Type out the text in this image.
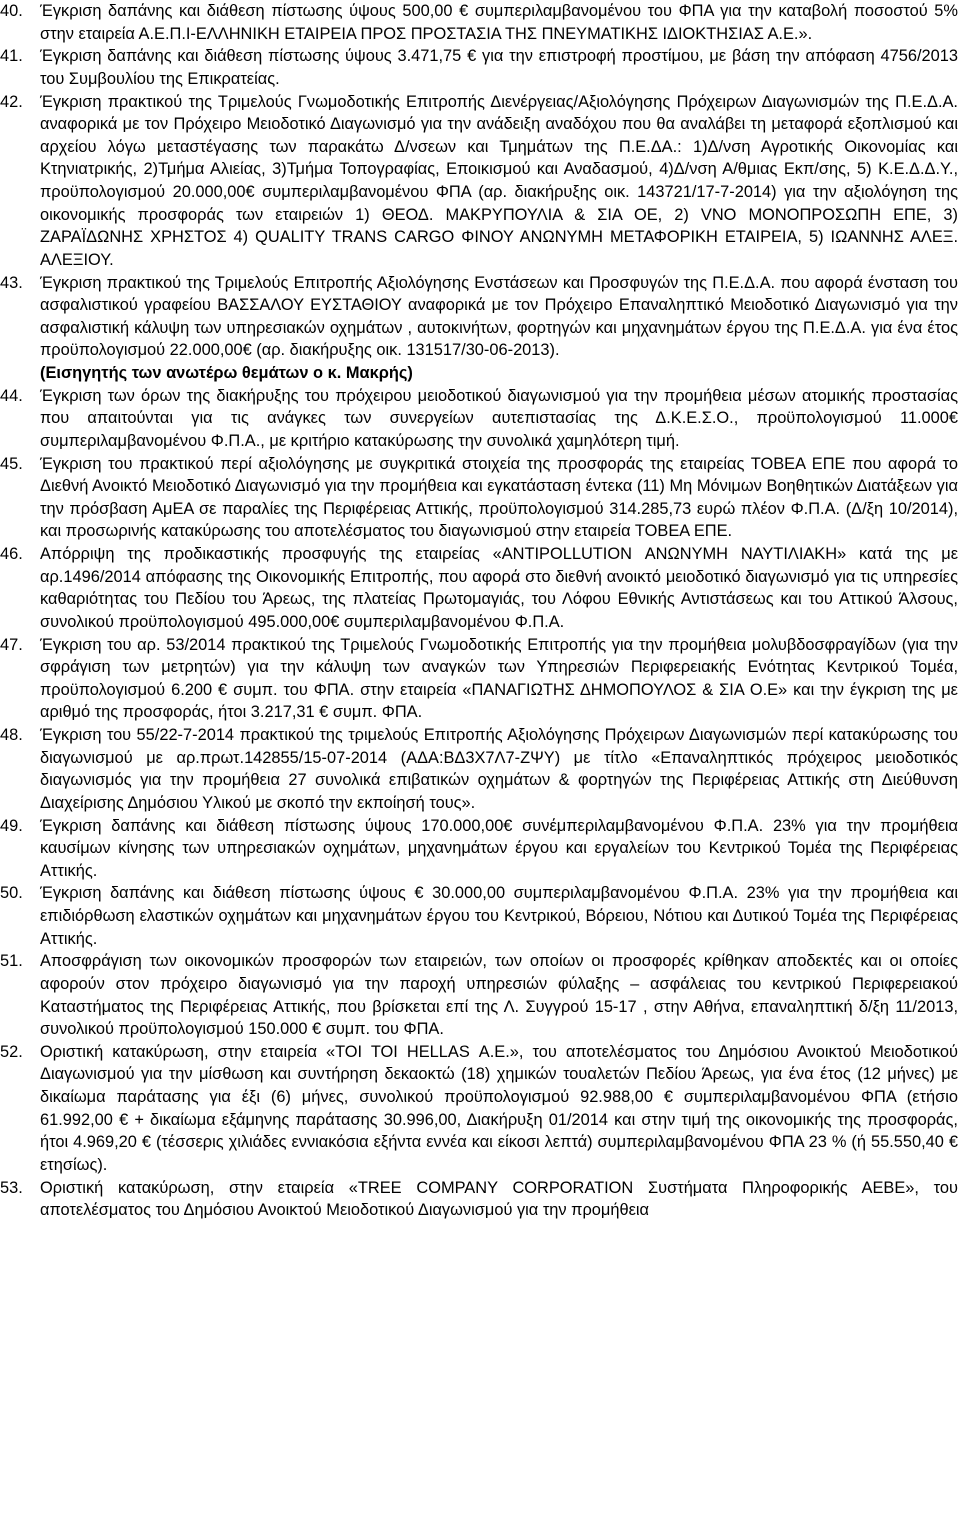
40.	Έγκριση δαπάνης και διάθεση πίστωσης ύψους 500,00 € συμπεριλαμβανομένου του ΦΠΑ για την καταβολή ποσοστού 5% στην εταιρεία Α.Ε.Π.Ι-ΕΛΛΗΝΙΚΗ ΕΤΑΙΡΕΙΑ ΠΡΟΣ ΠΡΟΣΤΑΣΙΑ ΤΗΣ ΠΝΕΥΜΑΤΙΚΗΣ ΙΔΙΟΚΤΗΣΙΑΣ Α.Ε.».
41.	Έγκριση δαπάνης και διάθεση πίστωσης ύψους 3.471,75 € για την επιστροφή προστίμου, με βάση την απόφαση 4756/2013 του Συμβουλίου της Επικρατείας.
42.	Έγκριση πρακτικού της Τριμελούς Γνωμοδοτικής Επιτροπής Διενέργειας/Αξιολόγησης Πρόχειρων Διαγωνισμών της Π.Ε.Δ.Α. αναφορικά με τον Πρόχειρο Μειοδοτικό Διαγωνισμό για την ανάδειξη αναδόχου που θα αναλάβει τη μεταφορά εξοπλισμού και αρχείου λόγω μεταστέγασης των παρακάτω Δ/νσεων και Τμημάτων της Π.Ε.ΔΑ.: 1)Δ/νση Αγροτικής Οικονομίας και Κτηνιατρικής, 2)Τμήμα Αλιείας, 3)Τμήμα Τοπογραφίας, Εποικισμού και Αναδασμού, 4)Δ/νση Α/θμιας Εκπ/σης, 5) Κ.Ε.Δ.Δ.Υ., προϋπολογισμού 20.000,00€ συμπεριλαμβανομένου ΦΠΑ (αρ. διακήρυξης οικ. 143721/17-7-2014) για την αξιολόγηση της οικονομικής προσφοράς των εταιρειών 1) ΘΕΟΔ. ΜΑΚΡΥΠΟΥΛΙΑ & ΣΙΑ ΟΕ, 2) VNO ΜΟΝΟΠΡΟΣΩΠΗ ΕΠΕ, 3) ΖΑΡΑΪΔΩΝΗΣ ΧΡΗΣΤΟΣ 4) QUALITY TRANS CARGO ΦΙΝΟΥ ΑΝΩΝΥΜΗ ΜΕΤΑΦΟΡΙΚΗ ΕΤΑΙΡΕΙΑ, 5) ΙΩΑΝΝΗΣ ΑΛΕΞ. ΑΛΕΞΙΟΥ.
43.	Έγκριση πρακτικού της Τριμελούς Επιτροπής Αξιολόγησης Ενστάσεων και Προσφυγών της Π.Ε.Δ.Α. που αφορά ένσταση του ασφαλιστικού γραφείου ΒΑΣΣΑΛΟΥ ΕΥΣΤΑΘΙΟΥ αναφορικά με τον Πρόχειρο Επαναληπτικό Μειοδοτικό Διαγωνισμό για την ασφαλιστική κάλυψη των υπηρεσιακών οχημάτων , αυτοκινήτων, φορτηγών και μηχανημάτων έργου της Π.Ε.Δ.Α. για ένα έτος προϋπολογισμού 22.000,00€ (αρ. διακήρυξης οικ. 131517/30-06-2013).
(Εισηγητής των ανωτέρω θεμάτων ο κ. Μακρής)
44.	Έγκριση των όρων της διακήρυξης του πρόχειρου μειοδοτικού διαγωνισμού για την προμήθεια μέσων ατομικής προστασίας που απαιτούνται για τις ανάγκες των συνεργείων αυτεπιστασίας της Δ.Κ.Ε.Σ.Ο., προϋπολογισμού 11.000€ συμπεριλαμβανομένου Φ.Π.Α., με κριτήριο κατακύρωσης την συνολικά χαμηλότερη τιμή.
45.	Έγκριση του πρακτικού περί αξιολόγησης με συγκριτικά στοιχεία της προσφοράς της εταιρείας ΤΟΒΕΑ ΕΠΕ που αφορά το Διεθνή Ανοικτό Μειοδοτικό Διαγωνισμό για την προμήθεια και εγκατάσταση έντεκα (11) Μη Μόνιμων Βοηθητικών Διατάξεων για την πρόσβαση ΑμΕΑ σε παραλίες της Περιφέρειας Αττικής, προϋπολογισμού 314.285,73 ευρώ πλέον Φ.Π.Α. (Δ/ξη 10/2014), και προσωρινής κατακύρωσης του αποτελέσματος του διαγωνισμού στην εταιρεία ΤΟΒΕΑ ΕΠΕ.
46.	Απόρριψη της προδικαστικής προσφυγής της εταιρείας «ANTIPOLLUTION ΑΝΩΝΥΜΗ ΝΑΥΤΙΛΙΑΚΗ» κατά της με αρ.1496/2014 απόφασης της Οικονομικής Επιτροπής, που αφορά στο διεθνή ανοικτό μειοδοτικό διαγωνισμό για τις υπηρεσίες καθαριότητας του Πεδίου του Άρεως, της πλατείας Πρωτομαγιάς, του Λόφου Εθνικής Αντιστάσεως και του Αττικού Άλσους, συνολικού προϋπολογισμού 495.000,00€ συμπεριλαμβανομένου Φ.Π.Α.
47.	Έγκριση του αρ. 53/2014 πρακτικού της Τριμελούς Γνωμοδοτικής Επιτροπής για την προμήθεια μολυβδοσφραγίδων (για την σφράγιση των μετρητών) για την κάλυψη των αναγκών των Υπηρεσιών Περιφερειακής Ενότητας Κεντρικού Τομέα, προϋπολογισμού 6.200 € συμπ. του ΦΠΑ. στην εταιρεία «ΠΑΝΑΓΙΩΤΗΣ ΔΗΜΟΠΟΥΛΟΣ & ΣΙΑ Ο.Ε» και την έγκριση της με αριθμό της προσφοράς, ήτοι 3.217,31 € συμπ. ΦΠΑ.
48.	Έγκριση του 55/22-7-2014 πρακτικού της τριμελούς Επιτροπής Αξιολόγησης Πρόχειρων Διαγωνισμών περί κατακύρωσης του διαγωνισμού με αρ.πρωτ.142855/15-07-2014 (ΑΔΑ:ΒΔ3Χ7Λ7-ΖΨΥ) με τίτλο «Επαναληπτικός πρόχειρος μειοδοτικός διαγωνισμός για την προμήθεια 27 συνολικά επιβατικών οχημάτων & φορτηγών της Περιφέρειας Αττικής στη Διεύθυνση Διαχείρισης Δημόσιου Υλικού με σκοπό την εκποίησή τους».
49.	Έγκριση δαπάνης και διάθεση πίστωσης ύψους 170.000,00€ συνέμπεριλαμβανομένου Φ.Π.Α. 23% για την προμήθεια καυσίμων κίνησης των υπηρεσιακών οχημάτων, μηχανημάτων έργου και εργαλείων του Κεντρικού Τομέα της Περιφέρειας Αττικής.
50.	Έγκριση δαπάνης και διάθεση πίστωσης ύψους € 30.000,00 συμπεριλαμβανομένου Φ.Π.Α. 23% για την προμήθεια και επιδιόρθωση ελαστικών οχημάτων και μηχανημάτων έργου του Κεντρικού, Βόρειου, Νότιου και Δυτικού Τομέα της Περιφέρειας Αττικής.
51.	Αποσφράγιση των οικονομικών προσφορών των εταιρειών, των οποίων οι προσφορές κρίθηκαν αποδεκτές και οι οποίες αφορούν στον πρόχειρο διαγωνισμό για την παροχή υπηρεσιών φύλαξης – ασφάλειας του κεντρικού Περιφερειακού Καταστήματος της Περιφέρειας Αττικής, που βρίσκεται επί της Λ. Συγγρού 15-17 , στην Αθήνα, επαναληπτική δ/ξη 11/2013, συνολικού προϋπολογισμού 150.000 € συμπ. του ΦΠΑ.
52.	Οριστική κατακύρωση, στην εταιρεία «TOI TOI HELLAS Α.Ε.», του αποτελέσματος του Δημόσιου Ανοικτού Μειοδοτικού Διαγωνισμού για την μίσθωση και συντήρηση δεκαοκτώ (18) χημικών τουαλετών Πεδίου Άρεως, για ένα έτος (12 μήνες) με δικαίωμα παράτασης για έξι (6) μήνες, συνολικού προϋπολογισμού 92.988,00 € συμπεριλαμβανομένου ΦΠΑ (ετήσιο 61.992,00 € + δικαίωμα εξάμηνης παράτασης 30.996,00, Διακήρυξη 01/2014 και στην τιμή της οικονομικής της προσφοράς, ήτοι 4.969,20 € (τέσσερις χιλιάδες εννιακόσια εξήντα εννέα και είκοσι λεπτά) συμπεριλαμβανομένου ΦΠΑ 23 % (ή 55.550,40 € ετησίως).
53.	Οριστική κατακύρωση, στην εταιρεία «TREE COMPANY CORPORATION Συστήματα Πληροφορικής ΑΕΒΕ», του αποτελέσματος του Δημόσιου Ανοικτού Μειοδοτικού Διαγωνισμού για την προμήθεια
